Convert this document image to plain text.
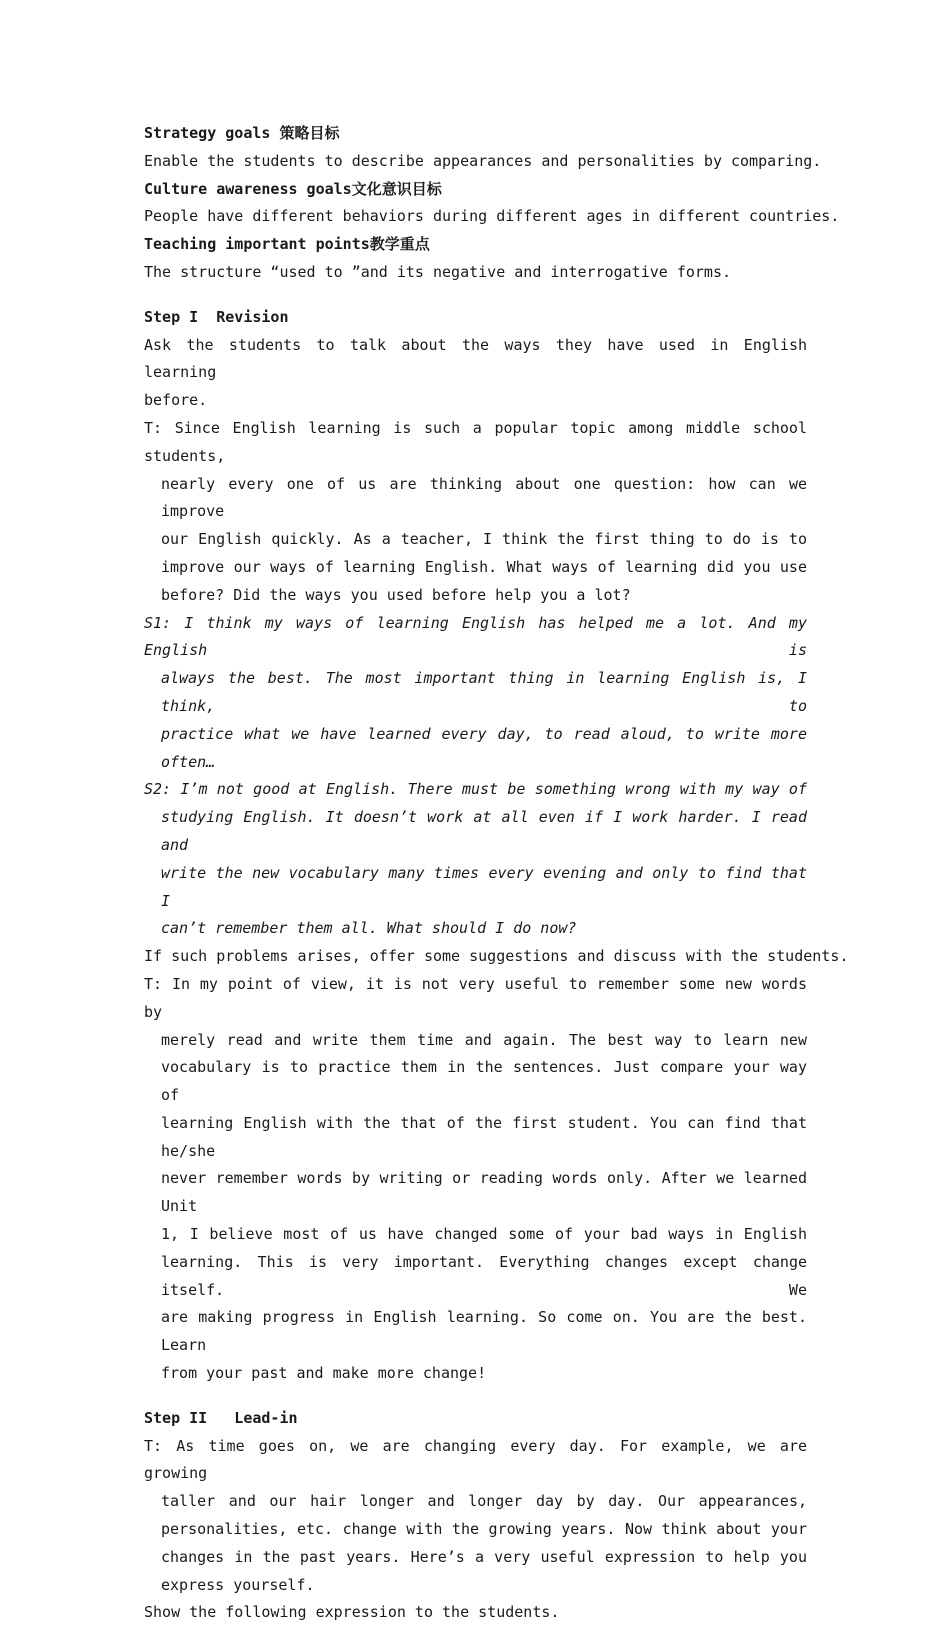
Strategy goals 策略目标
Enable the students to describe appearances and personalities by comparing.
Culture awareness goals文化意识目标
People have different behaviors during different ages in different countries.
Teaching important points教学重点
The structure “used to ”and its negative and interrogative forms.
Step I  Revision
Ask the students to talk about the ways they have used in English learning
before.
T: Since English learning is such a popular topic among middle school students,
nearly every one of us are thinking about one question: how can we improve
our English quickly. As a teacher, I think the first thing to do is to
improve our ways of learning English. What ways of learning did you use
before? Did the ways you used before help you a lot?
S1: I think my ways of learning English has helped me a lot. And my English is
always the best. The most important thing in learning English is, I think, to
practice what we have learned every day, to read aloud, to write more often…
S2: I’m not good at English. There must be something wrong with my way of
studying English. It doesn’t work at all even if I work harder. I read and
write the new vocabulary many times every evening and only to find that I
can’t remember them all. What should I do now?
If such problems arises, offer some suggestions and discuss with the students.
T: In my point of view, it is not very useful to remember some new words by
merely read and write them time and again. The best way to learn new
vocabulary is to practice them in the sentences. Just compare your way of
learning English with the that of the first student. You can find that he/she
never remember words by writing or reading words only. After we learned Unit
1, I believe most of us have changed some of your bad ways in English
learning. This is very important. Everything changes except change itself. We
are making progress in English learning. So come on. You are the best. Learn
from your past and make more change!
Step II   Lead-in
T: As time goes on, we are changing every day. For example, we are growing
taller and our hair longer and longer day by day. Our appearances,
personalities, etc. change with the growing years. Now think about your
changes in the past years. Here’s a very useful expression to help you
express yourself.
Show the following expression to the students.
